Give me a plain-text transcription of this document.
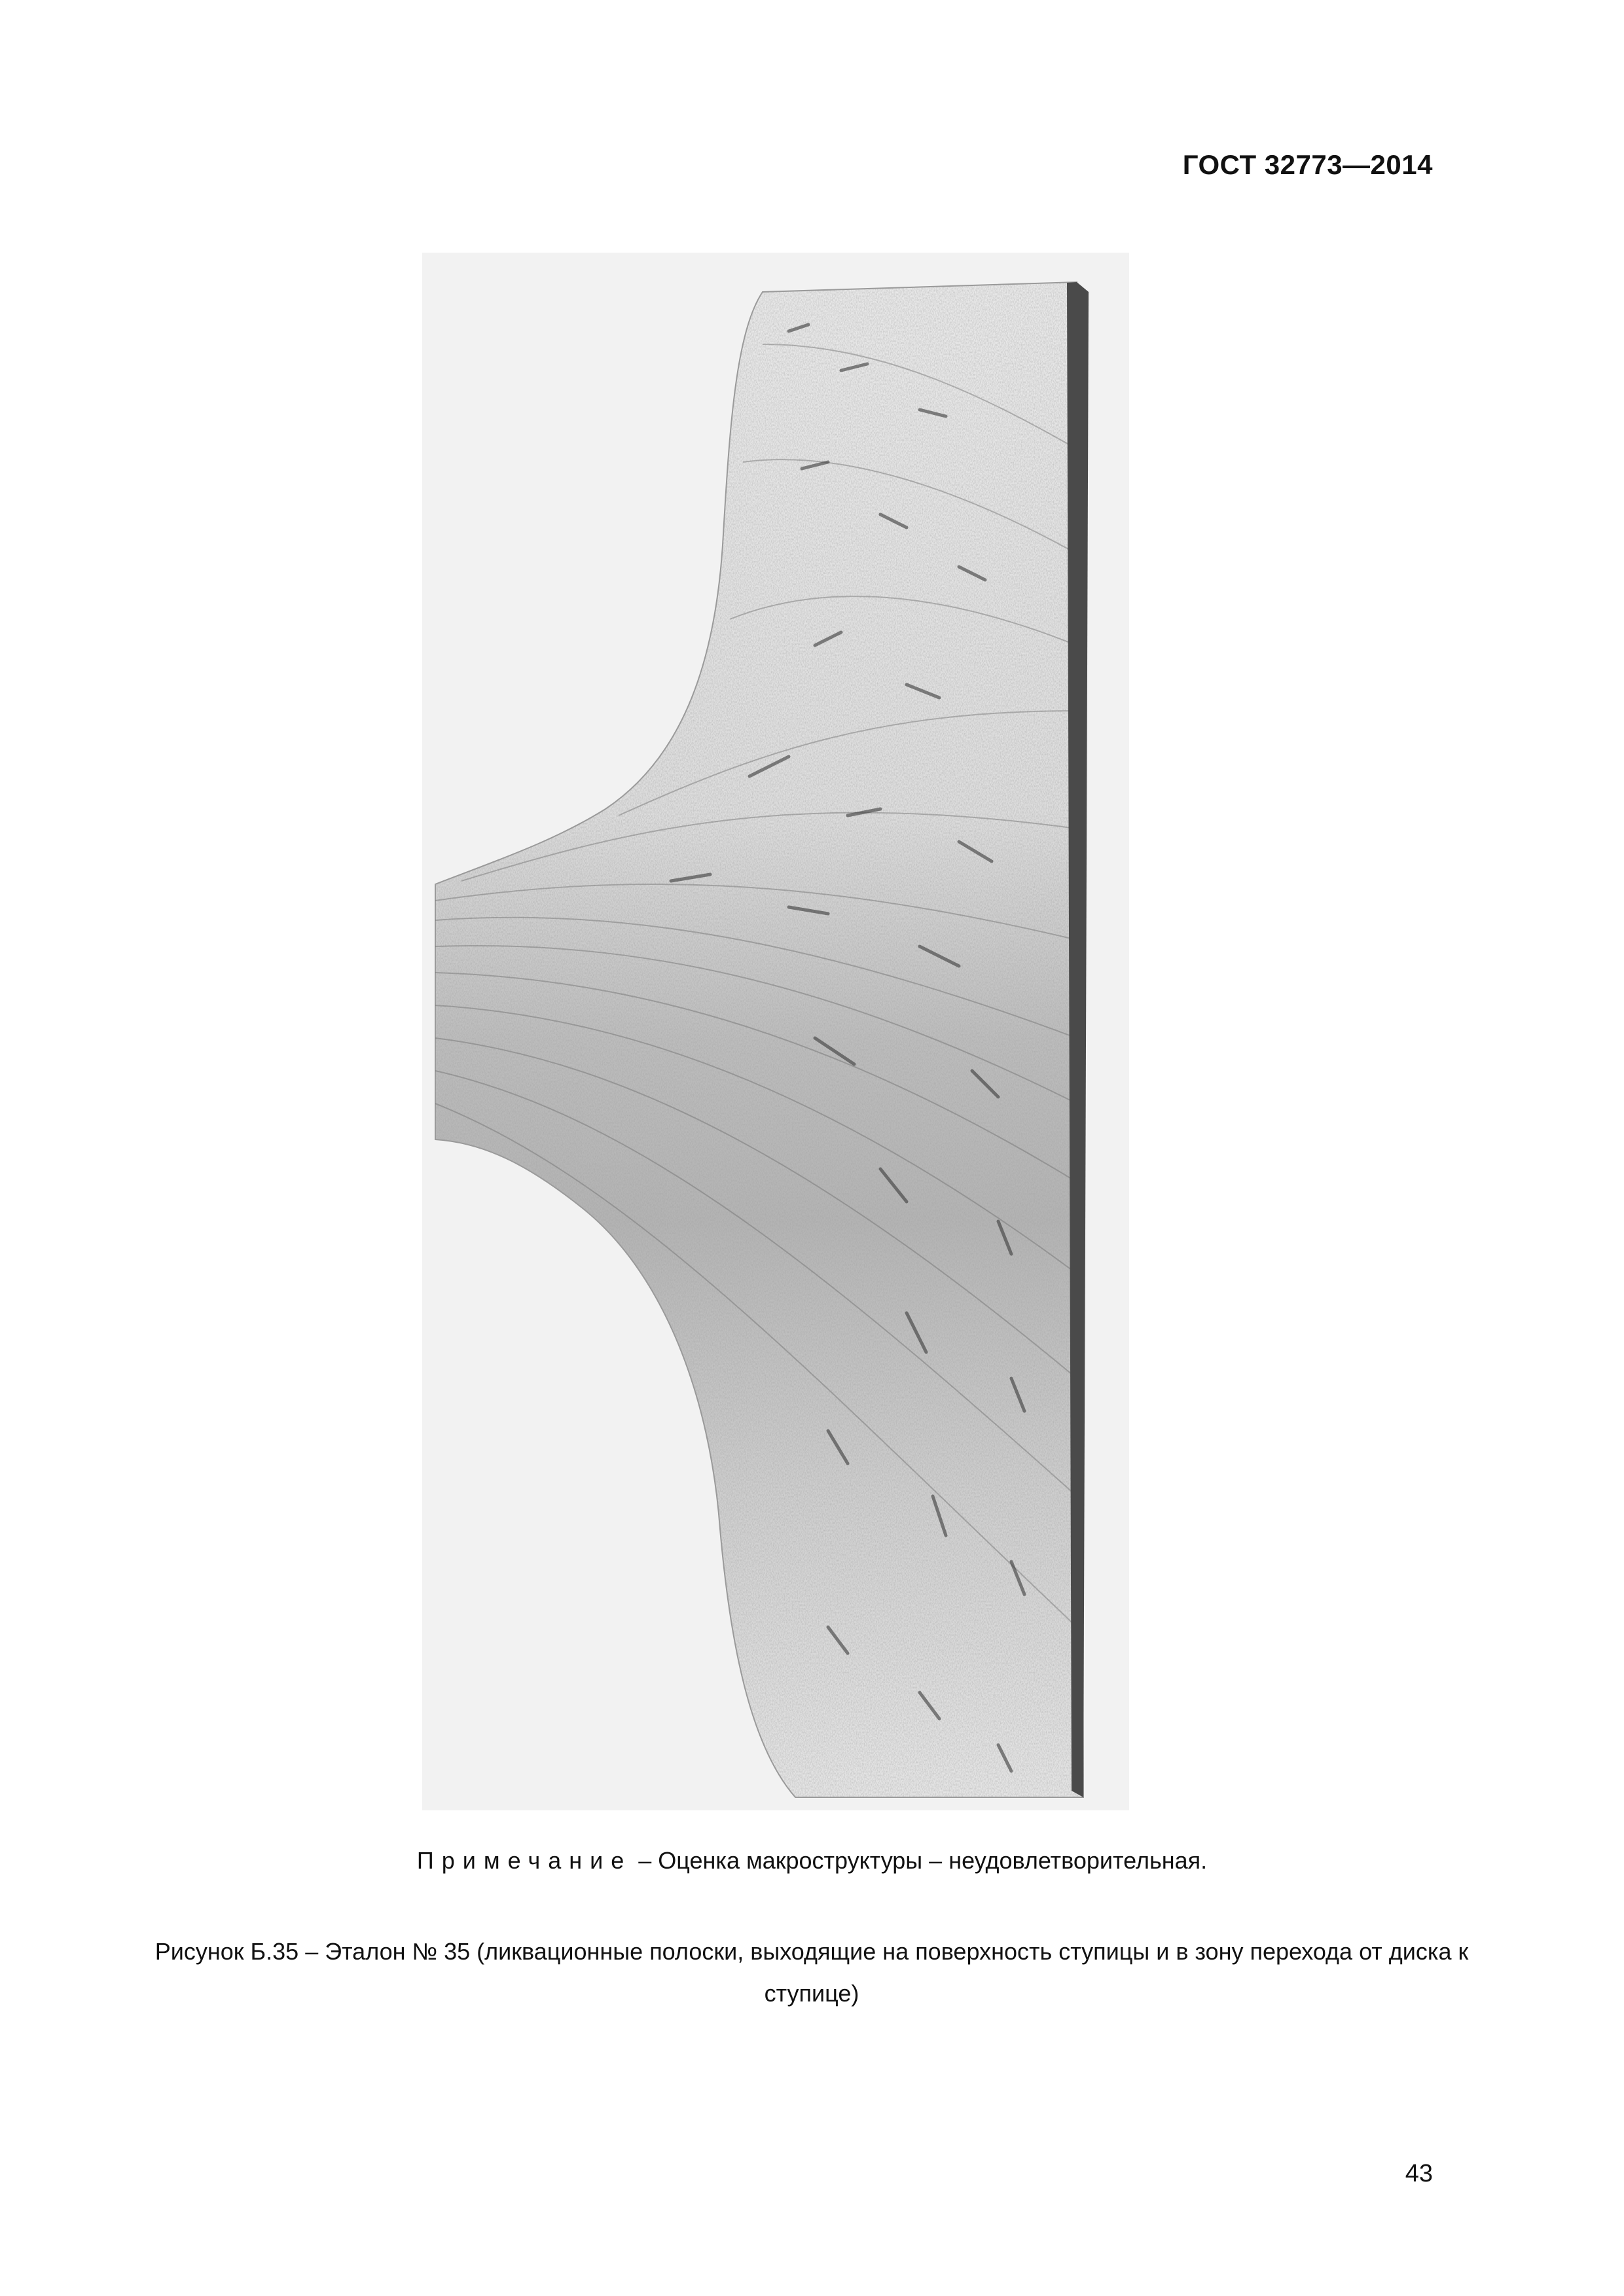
ГОСТ 32773—2014
Примечание – Оценка макроструктуры – неудовлетворительная.
Рисунок Б.35 – Эталон № 35 (ликвационные полоски, выходящие на поверхность ступицы и в зону перехода от диска к ступице)
43
